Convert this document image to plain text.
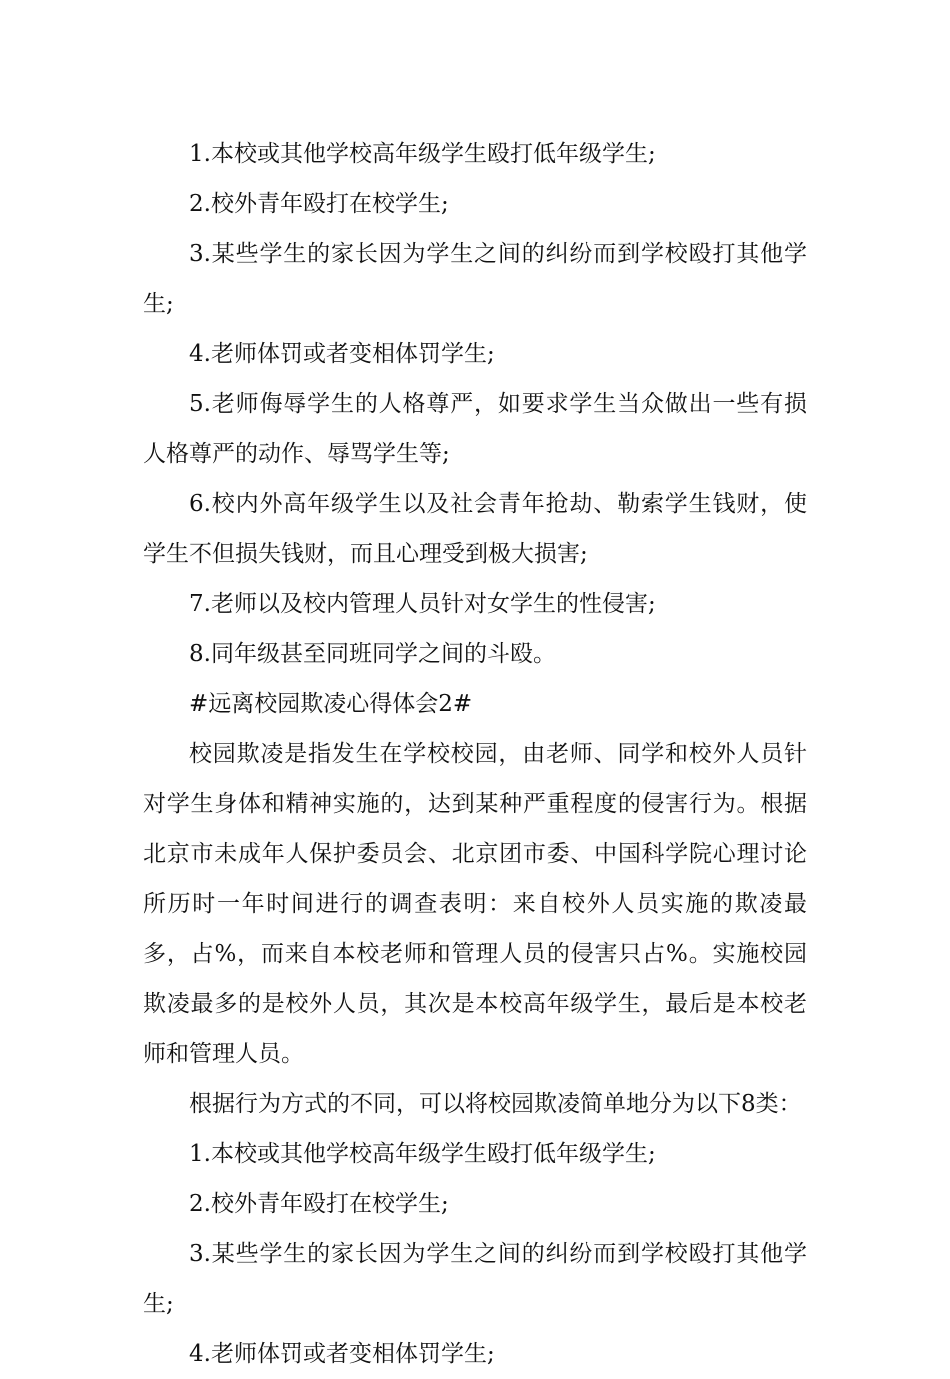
1.本校或其他学校高年级学生殴打低年级学生;

2.校外青年殴打在校学生;

3.某些学生的家长因为学生之间的纠纷而到学校殴打其他学生;

4.老师体罚或者变相体罚学生;

5.老师侮辱学生的人格尊严，如要求学生当众做出一些有损人格尊严的动作、辱骂学生等;

6.校内外高年级学生以及社会青年抢劫、勒索学生钱财，使学生不但损失钱财，而且心理受到极大损害;

7.老师以及校内管理人员针对女学生的性侵害;

8.同年级甚至同班同学之间的斗殴。

#远离校园欺凌心得体会2#

校园欺凌是指发生在学校校园，由老师、同学和校外人员针对学生身体和精神实施的，达到某种严重程度的侵害行为。根据北京市未成年人保护委员会、北京团市委、中国科学院心理讨论所历时一年时间进行的调查表明：来自校外人员实施的欺凌最多，占%，而来自本校老师和管理人员的侵害只占%。实施校园欺凌最多的是校外人员，其次是本校高年级学生，最后是本校老师和管理人员。

根据行为方式的不同，可以将校园欺凌简单地分为以下8类：

1.本校或其他学校高年级学生殴打低年级学生;

2.校外青年殴打在校学生;

3.某些学生的家长因为学生之间的纠纷而到学校殴打其他学生;

4.老师体罚或者变相体罚学生;
